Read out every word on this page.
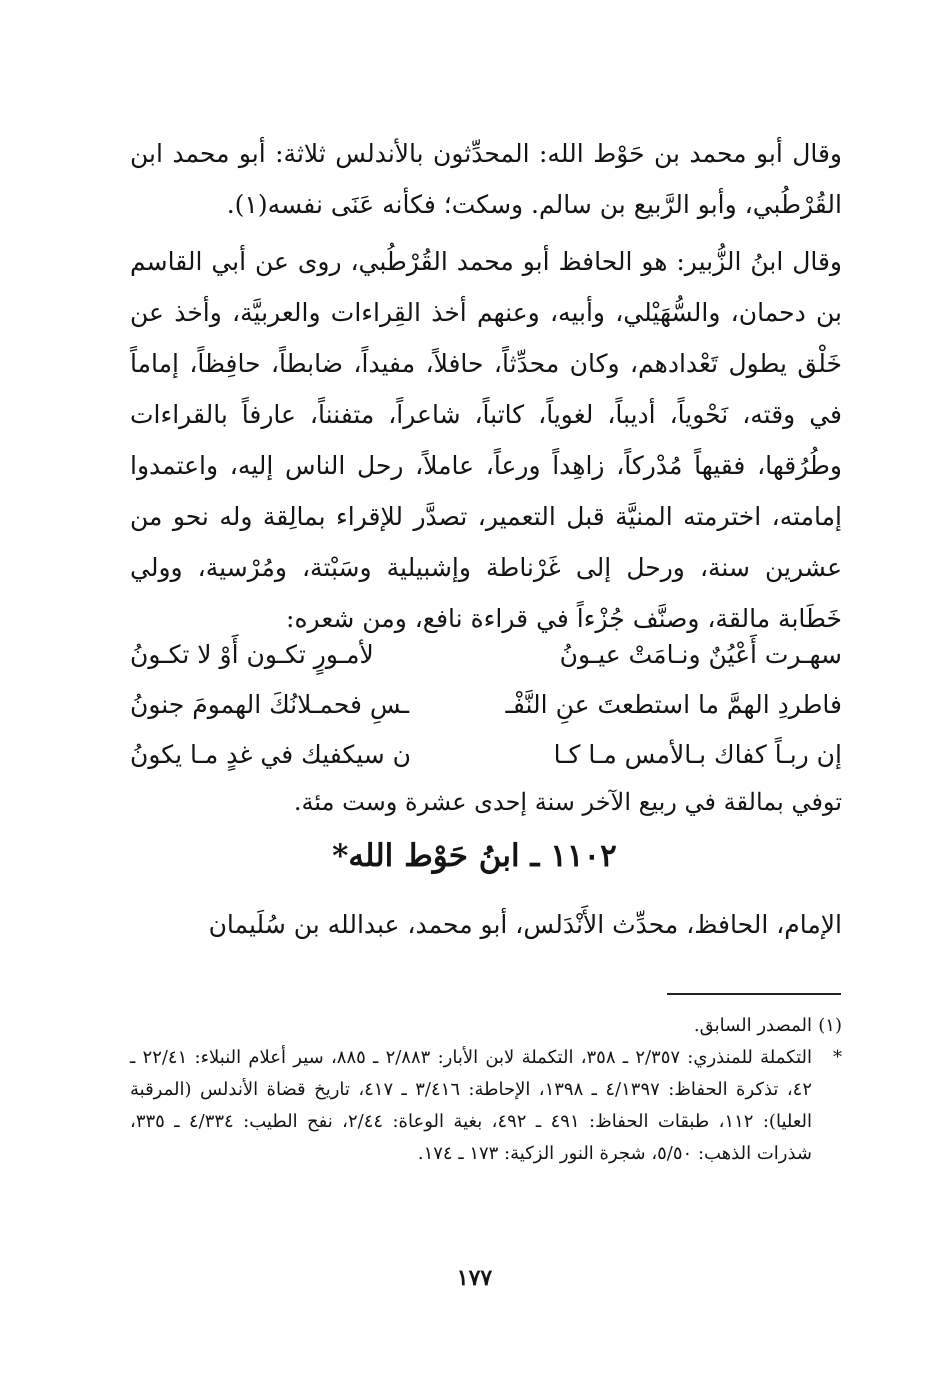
وقال أبو محمد بن حَوْط الله: المحدِّثون بالأندلس ثلاثة: أبو محمد ابن القُرْطُبي، وأبو الرَّبيع بن سالم. وسكت؛ فكأنه عَنَى نفسه(١).

وقال ابنُ الزُّبير: هو الحافظ أبو محمد القُرْطُبي، روى عن أبي القاسم بن دحمان، والسُّهَيْلي، وأبيه، وعنهم أخذ القِراءات والعربيَّة، وأخذ عن خَلْق يطول تَعْدادهم، وكان محدِّثاً، حافلاً، مفيداً، ضابطاً، حافِظاً، إماماً في وقته، نَحْوياً، أديباً، لغوياً، كاتباً، شاعراً، متفنناً، عارفاً بالقراءات وطُرُقها، فقيهاً مُدْركاً، زاهِداً ورعاً، عاملاً، رحل الناس إليه، واعتمدوا إمامته، اخترمته المنيَّة قبل التعمير، تصدَّر للإقراء بمالِقة وله نحو من عشرين سنة، ورحل إلى غَرْناطة وإشبيلية وسَبْتة، ومُرْسية، وولي خَطَابة مالقة، وصنَّف جُزْءاً في قراءة نافع، ومن شعره:

سهـرت أَعْيُنٌ ونـامَتْ عيـونُ
لأمـورٍ تكـون أَوْ لا تكـونُ
فاطردِ الهمَّ ما استطعتَ عنِ النَّفْـ
ـسِ فحمـلانُكَ الهمومَ جنونُ
إن ربـاً كفاك بـالأمس مـا كـا
ن سيكفيك في غدٍ مـا يكونُ
توفي بمالقة في ربيع الآخر سنة إحدى عشرة وست مئة.
١١٠٢ ـ ابنُ حَوْط الله*
الإمام، الحافظ، محدِّث الأَنْدَلس، أبو محمد، عبدالله بن سُلَيمان
(١)
المصدر السابق.
*
التكملة للمنذري: ٢/٣٥٧ ـ ٣٥٨، التكملة لابن الأبار: ٢/٨٨٣ ـ ٨٨٥، سير أعلام النبلاء: ٢٢/٤١ ـ ٤٢، تذكرة الحفاظ: ٤/١٣٩٧ ـ ١٣٩٨، الإحاطة: ٣/٤١٦ ـ ٤١٧، تاريخ قضاة الأندلس (المرقبة العليا): ١١٢، طبقات الحفاظ: ٤٩١ ـ ٤٩٢، بغية الوعاة: ٢/٤٤، نفح الطيب: ٤/٣٣٤ ـ ٣٣٥، شذرات الذهب: ٥/٥٠، شجرة النور الزكية: ١٧٣ ـ ١٧٤.
١٧٧
